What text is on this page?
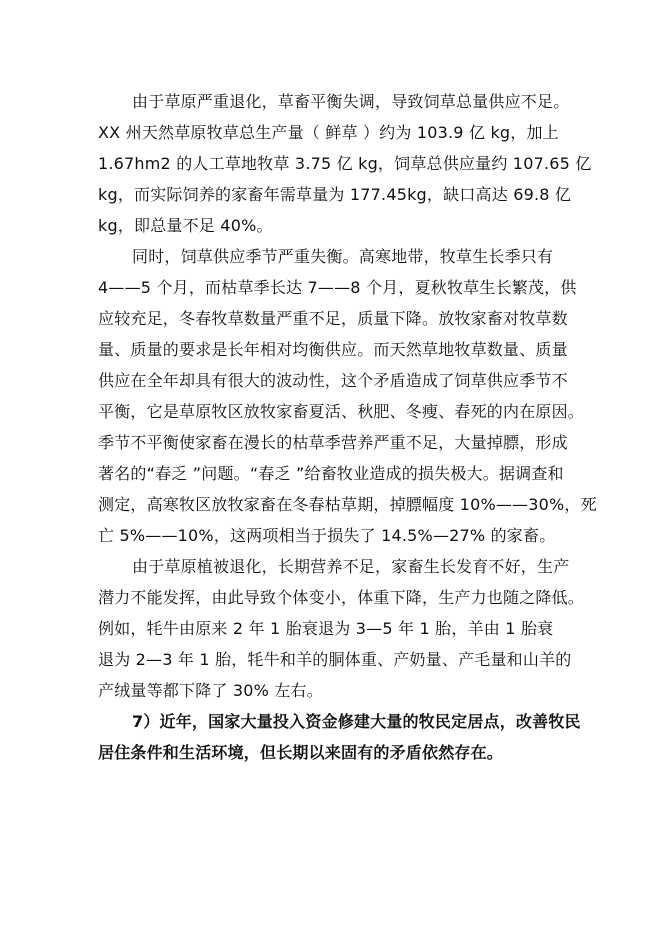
由于草原严重退化，草畜平衡失调，导致饲草总量供应不足。
XX 州天然草原牧草总生产量（ 鲜草 ）约为 103.9 亿 kg，加上
1.67hm2 的人工草地牧草 3.75 亿 kg，饲草总供应量约 107.65 亿
kg，而实际饲养的家畜年需草量为 177.45kg，缺口高达 69.8 亿
kg，即总量不足 40%。
同时，饲草供应季节严重失衡。高寒地带，牧草生长季只有
4——5 个月，而枯草季长达 7——8 个月，夏秋牧草生长繁茂，供
应较充足，冬春牧草数量严重不足，质量下降。放牧家畜对牧草数
量、质量的要求是长年相对均衡供应。而天然草地牧草数量、质量
供应在全年却具有很大的波动性，这个矛盾造成了饲草供应季节不
平衡，它是草原牧区放牧家畜夏活、秋肥、冬瘦、春死的内在原因。
季节不平衡使家畜在漫长的枯草季营养严重不足，大量掉膘，形成
著名的“春乏 ”问题。“春乏 ”给畜牧业造成的损失极大。据调查和
测定，高寒牧区放牧家畜在冬春枯草期，掉膘幅度 10%——30%，死
亡 5%——10%，这两项相当于损失了 14.5%—27% 的家畜。
由于草原植被退化，长期营养不足，家畜生长发育不好，生产
潜力不能发挥，由此导致个体变小，体重下降，生产力也随之降低。
例如，牦牛由原来 2 年 1 胎衰退为 3—5 年 1 胎，羊由 1 胎衰
退为 2—3 年 1 胎，牦牛和羊的胴体重、产奶量、产毛量和山羊的
产绒量等都下降了 30% 左右。
7）近年，国家大量投入资金修建大量的牧民定居点，改善牧民
居住条件和生活环境，但长期以来固有的矛盾依然存在。
